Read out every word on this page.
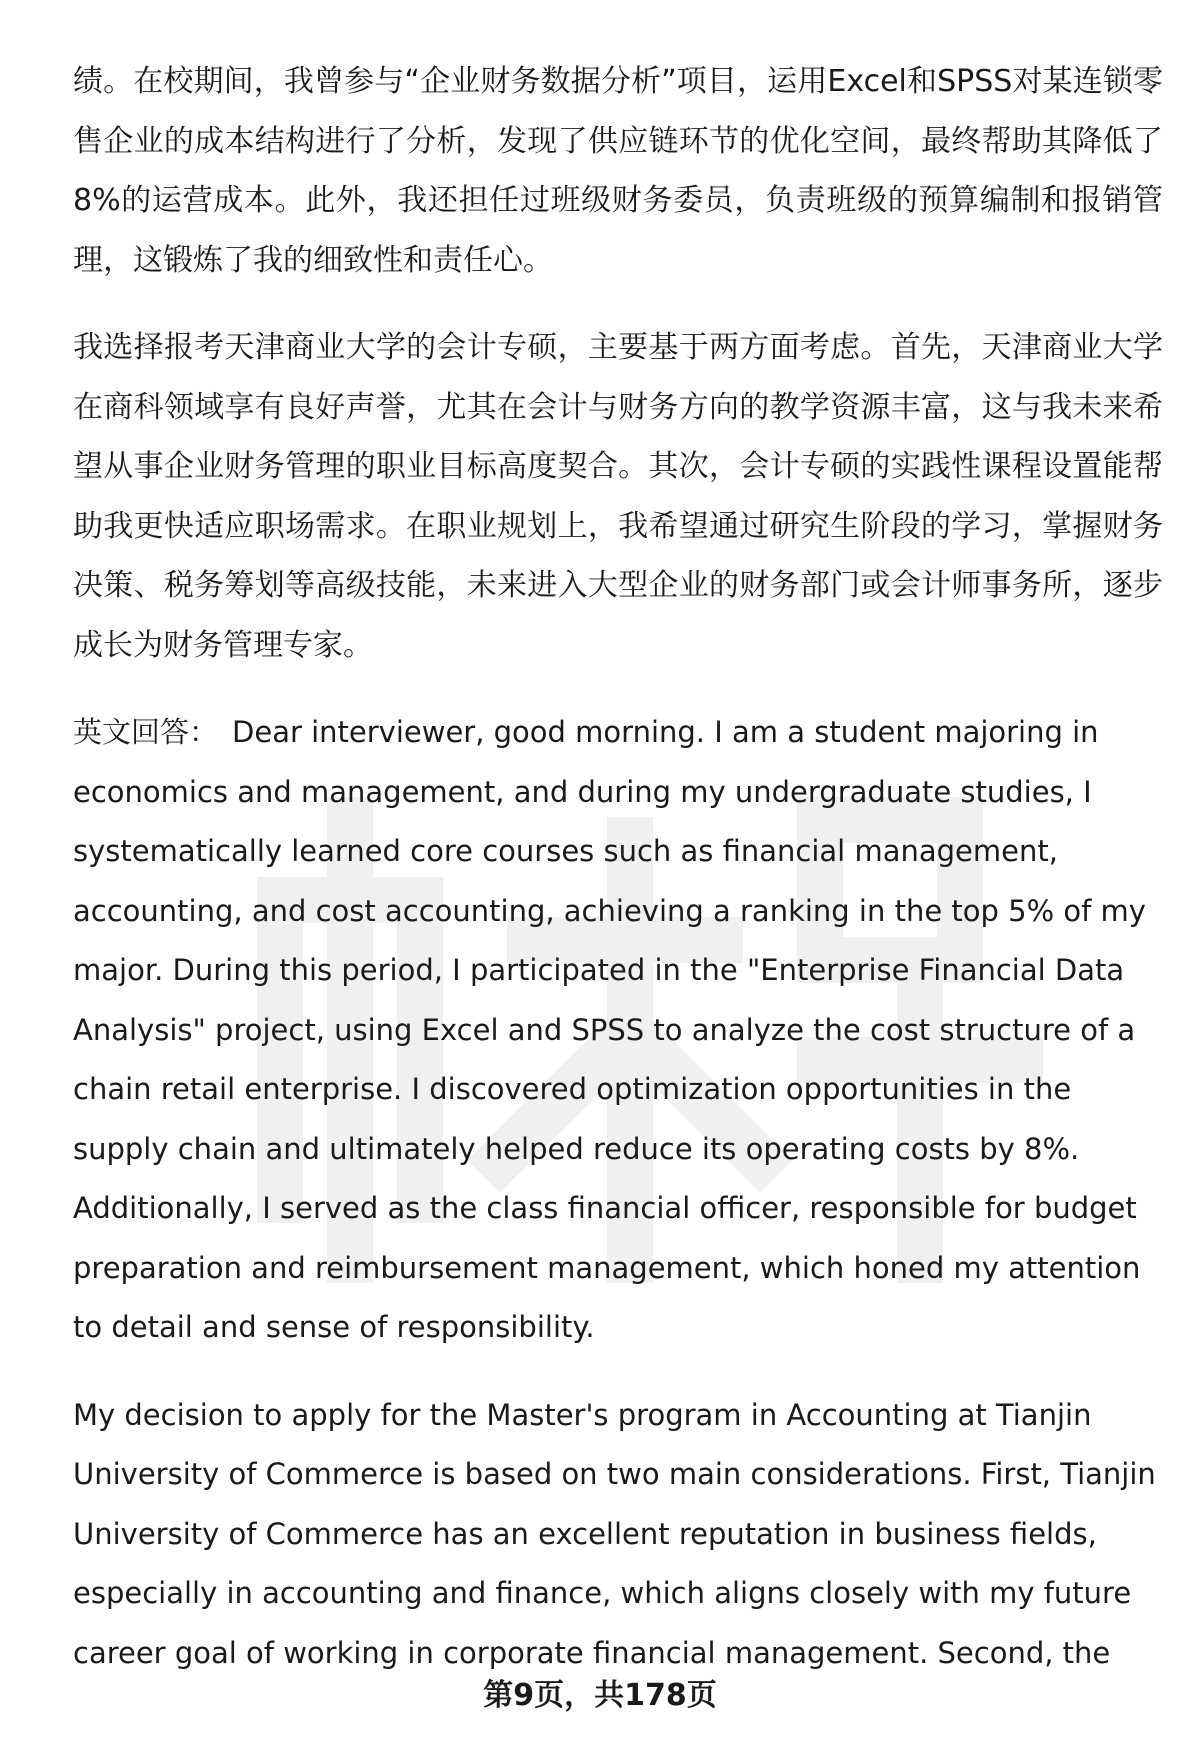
绩。在校期间，我曾参与“企业财务数据分析”项目，运用Excel和SPSS对某连锁零售企业的成本结构进行了分析，发现了供应链环节的优化空间，最终帮助其降低了8%的运营成本。此外，我还担任过班级财务委员，负责班级的预算编制和报销管理，这锻炼了我的细致性和责任心。

我选择报考天津商业大学的会计专硕，主要基于两方面考虑。首先，天津商业大学在商科领域享有良好声誉，尤其在会计与财务方向的教学资源丰富，这与我未来希望从事企业财务管理的职业目标高度契合。其次，会计专硕的实践性课程设置能帮助我更快适应职场需求。在职业规划上，我希望通过研究生阶段的学习，掌握财务决策、税务筹划等高级技能，未来进入大型企业的财务部门或会计师事务所，逐步成长为财务管理专家。

英文回答： Dear interviewer, good morning. I am a student majoring in economics and management, and during my undergraduate studies, I systematically learned core courses such as financial management, accounting, and cost accounting, achieving a ranking in the top 5% of my major. During this period, I participated in the "Enterprise Financial Data Analysis" project, using Excel and SPSS to analyze the cost structure of a chain retail enterprise. I discovered optimization opportunities in the supply chain and ultimately helped reduce its operating costs by 8%. Additionally, I served as the class financial officer, responsible for budget preparation and reimbursement management, which honed my attention to detail and sense of responsibility.

My decision to apply for the Master's program in Accounting at Tianjin University of Commerce is based on two main considerations. First, Tianjin University of Commerce has an excellent reputation in business fields, especially in accounting and finance, which aligns closely with my future career goal of working in corporate financial management. Second, the

第9页，共178页
